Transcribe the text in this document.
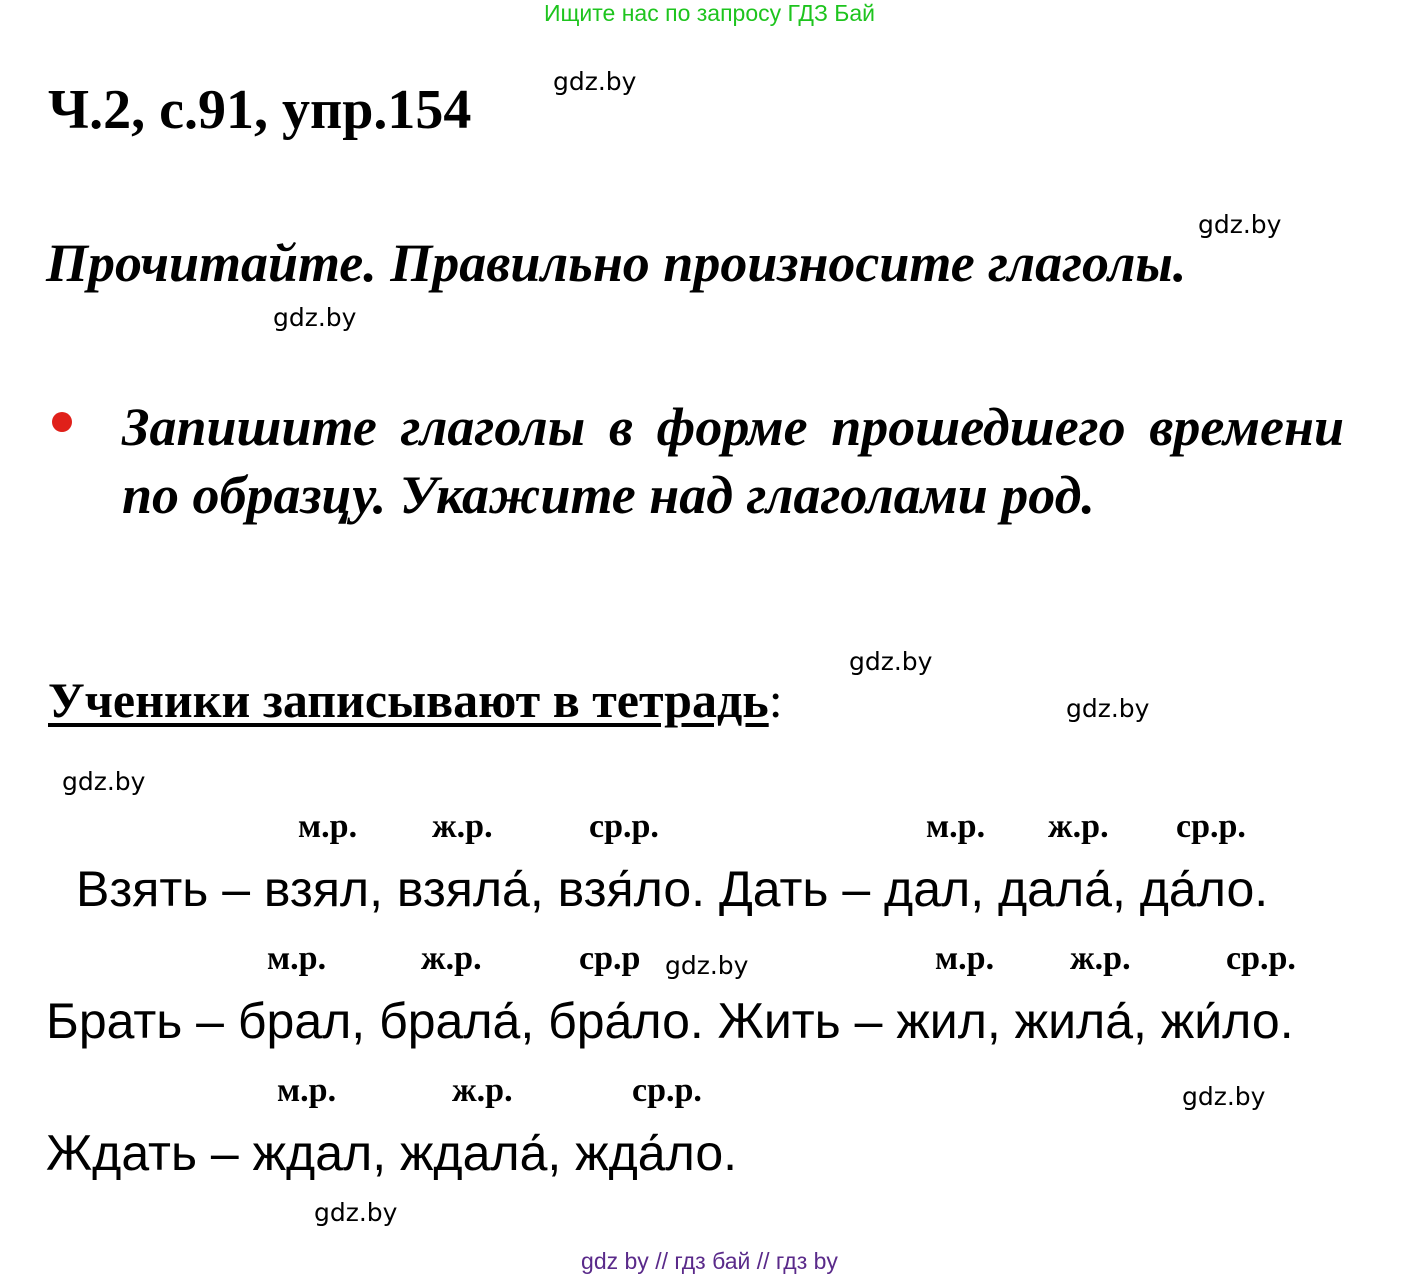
Ищите нас по запросу ГДЗ Бай
Ч.2, с.91, упр.154	gdz.by
gdz.by
Прочитайте. Правильно произносите глаголы.
gdz.by
Запишите глаголы в форме прошедшего времени по образцу. Укажите над глаголами род.
gdz.by
Ученики записывают в тетрадь:	gdz.by
gdz.by
м.р. ж.р.	ср.р.	м.р. ж.р. ср.р.
Взять – взял, взяла́, взя́ло. Дать – дал, дала́, да́ло.
м.р.	ж.р.	ср.р gdz.by	м.р. ж.р.	ср.р.
Брать – брал, брала́, бра́ло. Жить – жил, жила́, жи́ло.
м.р.	ж.р.	ср.р.	gdz.by
Ждать – ждал, ждала́, жда́ло.
gdz.by
gdz by // гдз бай // гдз by
